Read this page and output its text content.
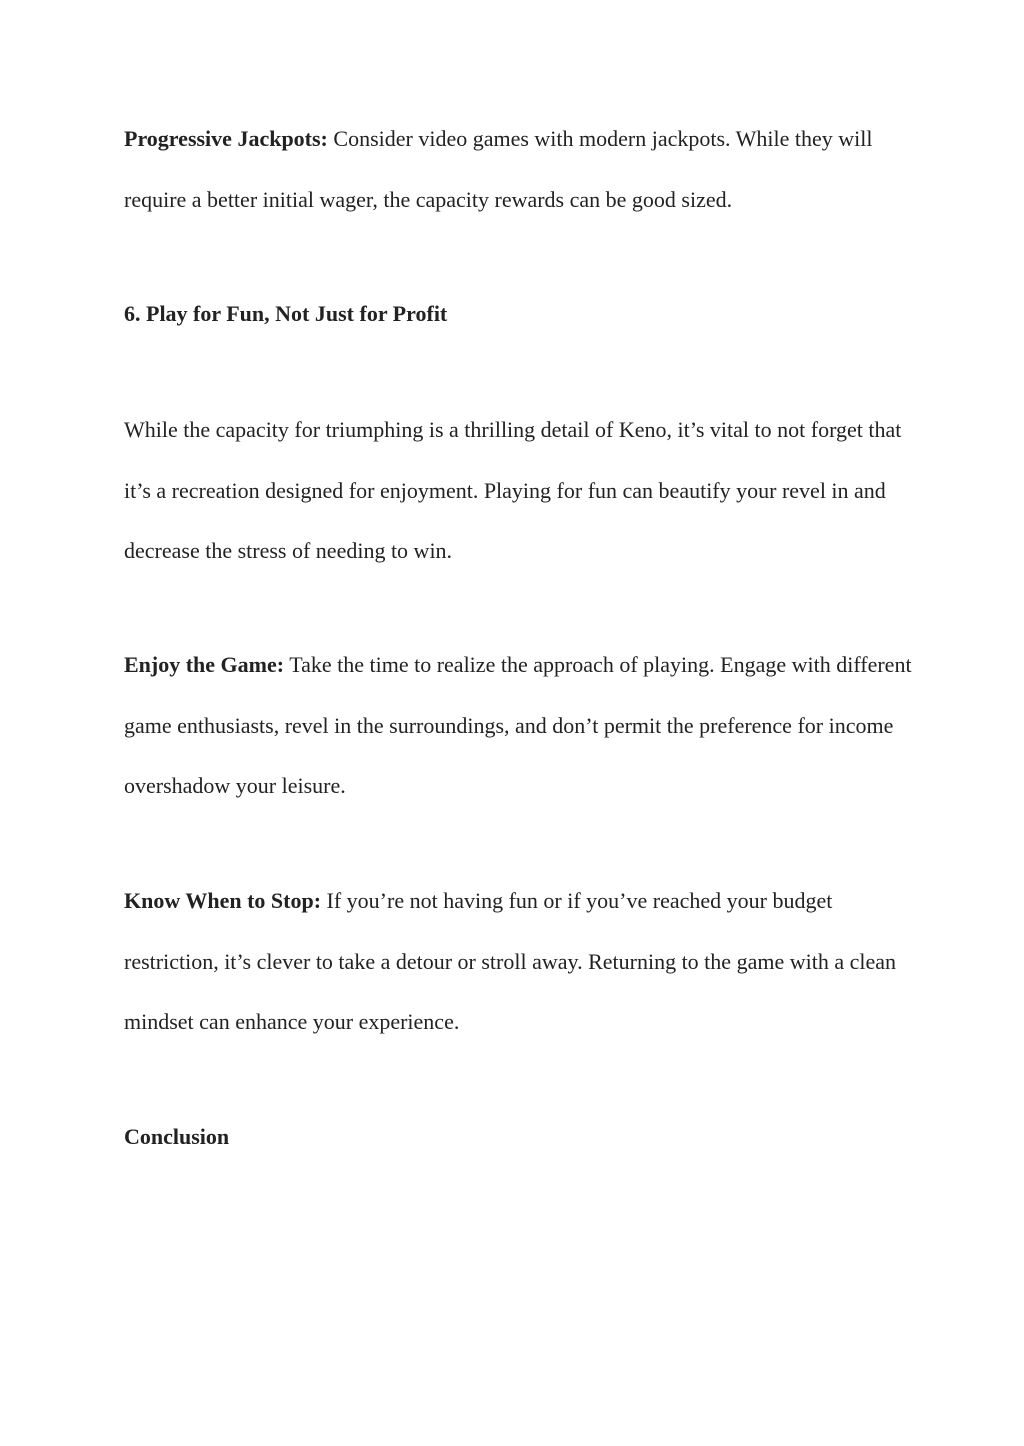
Progressive Jackpots: Consider video games with modern jackpots. While they will require a better initial wager, the capacity rewards can be good sized.

6. Play for Fun, Not Just for Profit

While the capacity for triumphing is a thrilling detail of Keno, it’s vital to not forget that it’s a recreation designed for enjoyment. Playing for fun can beautify your revel in and decrease the stress of needing to win.

Enjoy the Game: Take the time to realize the approach of playing. Engage with different game enthusiasts, revel in the surroundings, and don’t permit the preference for income overshadow your leisure.

Know When to Stop: If you’re not having fun or if you’ve reached your budget restriction, it’s clever to take a detour or stroll away. Returning to the game with a clean mindset can enhance your experience.

Conclusion
